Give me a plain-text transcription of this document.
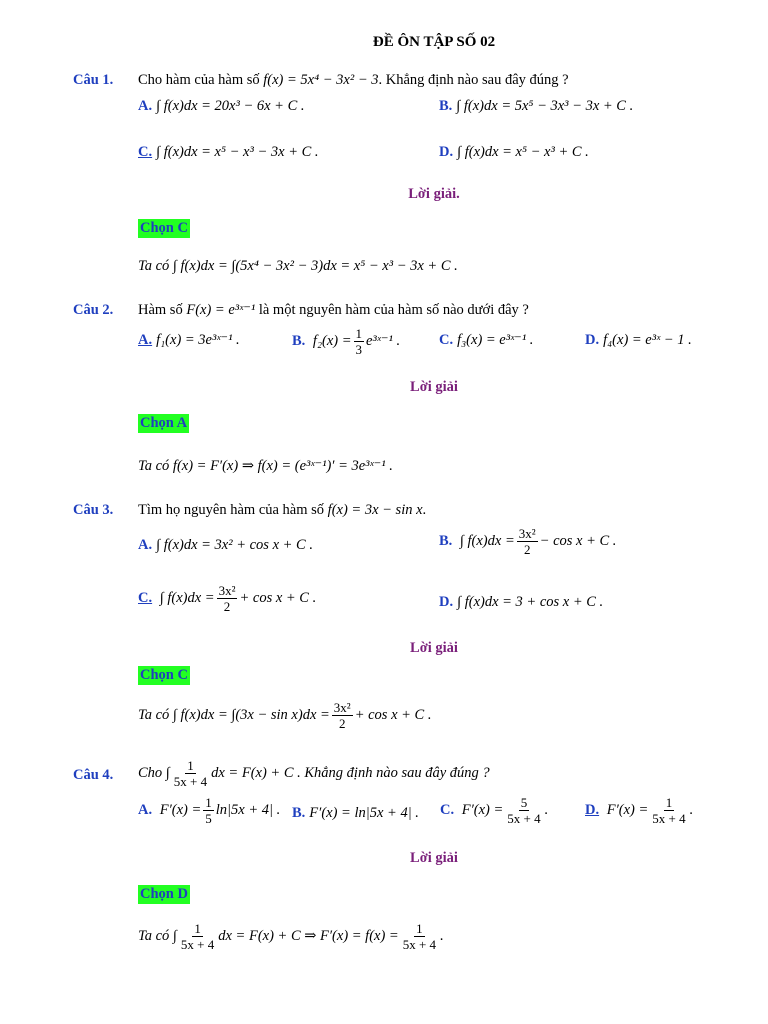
ĐỀ ÔN TẬP SỐ 02
Câu 1. Cho hàm của hàm số f(x) = 5x⁴ − 3x² − 3. Khẳng định nào sau đây đúng ?
A. ∫ f(x)dx = 20x³ − 6x + C .	B. ∫ f(x)dx = 5x⁵ − 3x³ − 3x + C .
C. ∫ f(x)dx = x⁵ − x³ − 3x + C .	D. ∫ f(x)dx = x⁵ − x³ + C .
Lời giải.
Chọn C
Ta có ∫ f(x)dx = ∫(5x⁴ − 3x² − 3)dx = x⁵ − x³ − 3x + C .
Câu 2. Hàm số F(x) = e³ˣ⁻¹ là một nguyên hàm của hàm số nào dưới đây ?
A. f₁(x) = 3e³ˣ⁻¹ .	B. $f_2(x) = \frac{1}{3}$ e³ˣ⁻¹ .	C. f₃(x) = e³ˣ⁻¹ .	D. f₄(x) = e³ˣ − 1 .
Lời giải
Chọn A
Ta có f(x) = F′(x) ⇒ f(x) = (e³ˣ⁻¹)′ = 3e³ˣ⁻¹ .
Câu 3. Tìm họ nguyên hàm của hàm số f(x) = 3x − sin x.
A. ∫ f(x)dx = 3x² + cos x + C .	B. ∫ $f(x)dx = \frac{\text{3x²}}{2} - \cos x + C$ .
C. ∫ $f(x)dx = \frac{\text{3x²}}{2} + \cos x + C$ .	D. ∫ f(x)dx = 3 + cos x + C .
Lời giải
Chọn C
Ta có ∫ $f(x)dx = \int(3x - \sin x)dx = \frac{\text{3x²}}{2} + \cos x + C$ .
Câu 4. Cho ∫ $\frac{1}{5x + 4}$ dx = F(x) + C . Khẳng định nào sau đây đúng ?
A. $F'(x) = \frac{1}{5} \ln|5x + 4|$ . B. F′(x) = ln|5x + 4| . C. $F'(x) = \frac{5}{5x + 4}$ .	D. $F'(x) = \frac{1}{5x + 4}$ .
Lời giải
Chọn D
Ta có ∫ $\frac{1}{5x + 4}$ dx = F(x) + C ⇒ $F'(x) = f(x) = \frac{1}{5x + 4}$ .
